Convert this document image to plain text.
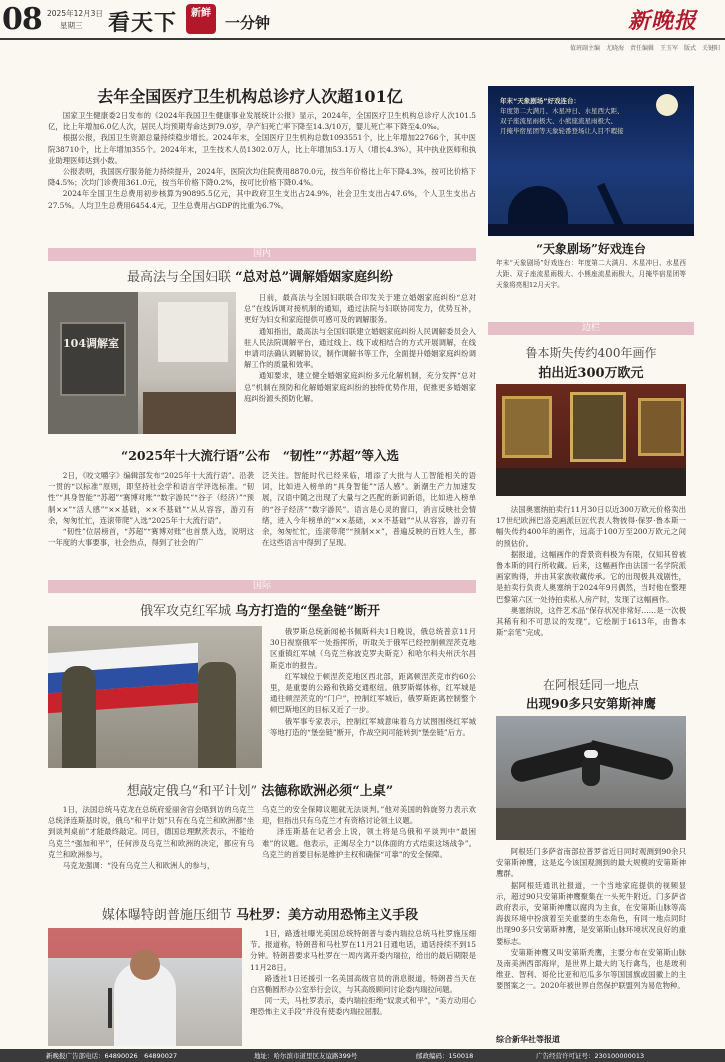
08 2025年12月3日
星期三 看天下	新鲜
一分钟	新晚报
值班副主编　尤晓海　责任编辑　王玉军　版式　关键阳
去年全国医疗卫生机构总诊疗人次超101亿

国家卫生健康委2日发布的《2024年我国卫生健康事业发展统计公报》显示，2024年，全国医疗卫生机构总诊疗人次101.5亿，比上年增加6.0亿人次，居民人均预期寿命达到79.0岁，孕产妇死亡率下降至14.3/10万，婴儿死亡率下降至4.0‰。

根据公报，我国卫生资源总量持续稳步增长。2024年末，全国医疗卫生机构总数1093551个，比上年增加22766个，其中医院38710个，比上年增加355个。2024年末，卫生技术人员1302.0万人，比上年增加53.1万人（增长4.3%），其中执业医师和执业助理医师达到小数。

公报表明，我国医疗服务能力持续提升，2024年，医院次均住院费用8870.0元，按当年价格比上年下降4.3%，按可比价格下降4.5%；次均门诊费用361.0元，按当年价格下降0.2%，按可比价格下降0.4%。

2024年全国卫生总费用初步核算为90895.5亿元，其中政府卫生支出占24.9%，社会卫生支出占47.6%，个人卫生支出占27.5%。人均卫生总费用6454.4元，卫生总费用占GDP的比重为6.7%。

国内
最高法与全国妇联 “总对总”调解婚姻家庭纠纷
104调解室

日前，最高法与全国妇联联合印发关于建立婚姻家庭纠纷“总对总”在线诉调对接机制的通知，通过法院与妇联协同发力，优势互补，更好为妇女和家庭提供可感可及的调解服务。

通知指出，最高法与全国妇联建立婚姻家庭纠纷人民调解委员会入驻人民法院调解平台，通过线上、线下或相结合的方式开展调解，在线申请司法确认调解协议，制作调解书等工作，全面提升婚姻家庭纠纷调解工作的质量和效率。

通知要求，建立健全婚姻家庭纠纷多元化解机制，充分发挥“总对总”机制在预防和化解婚姻家庭纠纷的独特优势作用，促推更多婚姻家庭纠纷源头预防化解。

“2025年十大流行语”公布　“韧性”“苏超”等入选

2日，《咬文嚼字》编辑部发布“2025年十大流行语”。沿袭一贯的“以标准”原则，即坚持社会学和语言学评选标准。“韧性”“具身智能”“苏超”“赛博对账”“数字游民”“谷子（经济）”“预制××”“活人感”“××基础，××不基础”“从从容容，游刃有余，匆匆忙忙，连滚带爬”入选“2025年十大流行语”。

“韧性”位居榜首，“苏超”“赛博对账”也首票入选，说明这一年度的大事要事，社会热点，得到了社会的广

泛关注。智能时代已经来临，增添了大批与人工智能相关的语词，比如进入榜单的“具身智能”“活人感”。新潮生产力加速发展，汉语中随之出现了大量与之匹配的新词新语，比如进入榜单的“谷子经济”“数字游民”。语言是心灵的窗口，消言反映社会情绪，进入今年榜单的“××基础，××不基础”“从从容容，游刃有余，匆匆忙忙，连滚带爬”“预制××”，普遍反映的百姓人生，都在这些语言中得到了呈现。

国际
俄军攻克红军城 乌方打造的“堡垒链”断开

俄罗斯总统新闻秘书佩斯科夫1日晚说，俄总统普京11月30日视察俄军一处指挥所，听取关于俄军已经控制顿涅茨克地区重镇红军城（乌克兰称波克罗夫斯克）和哈尔科夫州沃尔昌斯克市的报告。

红军城位于顿涅茨克地区西北部，距离顿涅茨克市约60公里，是重要的公路和铁路交通枢纽。俄罗斯媒体称，红军城是通往顿涅茨克的“门户”，控制红军城后，俄罗斯距离控制整个顿巴斯地区的目标又近了一步。

俄军事专家表示，控制红军城意味着乌方试图围绕红军城等地打造的“堡垒链”断开，作战空间可能转到“堡垒链”后方。

想敲定俄乌“和平计划” 法德称欧洲必须“上桌”

1日，法国总统马克龙在总统府爱丽舍宫会晤到访的乌克兰总统泽连斯基时说，俄乌“和平计划”只有在乌克兰和欧洲都“坐到谈判桌前”才能最终敲定。同日，德国总理默茨表示，不能给乌克兰“强加和平”，任何涉及乌克兰和欧洲的决定，都应有乌克兰和欧洲参与。

马克龙强调：“没有乌克兰人和欧洲人的参与，

乌克兰的安全保障议题就无法谈判。”他对美国的斡旋努力表示欢迎，但指出只有乌克兰才有资格讨论领土议题。

泽连斯基在记者会上说，领土将是乌俄和平谈判中“最困难”的议题。他表示，正竭尽全力“以体面的方式结束这场战争”。乌克兰的首要目标是维护主权和确保“可靠”的安全保障。

媒体曝特朗普施压细节 马杜罗：美方动用恐怖主义手段

1日，路透社曝光美国总统特朗普与委内瑞拉总统马杜罗施压细节。报道称，特朗普和马杜罗在11月21日通电话，通话持续不到15分钟。特朗普要求马杜罗在一周内离开委内瑞拉，给出的最后期限是11月28日。

路透社1日还援引一名美国高级官员的消息报道，特朗普当天在白宫椭圆形办公室举行会议，与其高级顾问讨论委内瑞拉问题。

同一天，马杜罗表示，委内瑞拉拒绝“奴隶式和平”，“美方动用心理恐怖主义手段”并没有使委内瑞拉屈服。

年末“天象剧场”好戏连台：
年度第二大满月、木星冲日、水星西大距、
双子座流星雨极大、小熊座流星雨极大、
月掩毕宿星团等天象轮番登场让人目不暇接
“天象剧场”好戏连台
年末“天象剧场”好戏连台：年度第二大满月、木星冲日、水星西大距、双子座流星雨极大、小熊座流星雨极大，月掩毕宿星团等天象将亮相12月天宇。
边栏
鲁本斯失传约400年画作
拍出近300万欧元

法国奥塞纳拍卖行11月30日以近300万欧元价格卖出17世纪欧洲巴洛克画派巨匠代表人物彼得·保罗·鲁本斯一幅失传约400年的画作，远高于100万至200万欧元之间的预估价。

据报道，这幅画作的背景资料极为有限，仅知其曾被鲁本斯的同行所收藏。后来，这幅画作由法国一名学院派画家购得，并由其家族收藏传承。它的出现极具戏剧性，是拍卖行负责人奥塞纳于2024年9月偶然，当时他在整理巴黎第六区一处待拍卖私人房产时，发现了这幅画作。

奥塞纳说，这件艺术品“保存状况非常好……是一次极其稀有和不可思议的发现”。它绘制于1613年，由鲁本斯“亲笔”完成。

在阿根廷同一地点
出现90多只安第斯神鹰

阿根廷门多萨省南部拉普罗省近日同时观测到90余只安第斯神鹰，这是迄今该国观测到的最大规模的安第斯神鹰群。

据阿根廷通讯社报道，一个当地家庭提供的视频显示，超过90只安第斯神鹰聚集在一头死牛附近。门多萨省政府表示，安第斯神鹰以腐肉为主食，在安第斯山脉等高海拔环境中扮演着至关重要的生态角色，有同一地点同时出现90多只安第斯神鹰，是安第斯山脉环境状况良好的重要标志。

安第斯神鹰又叫安第斯秃鹰，主要分布在安第斯山脉及南美洲西部海岸，是世界上最大的飞行禽鸟，也是玻利维亚、智利、哥伦比亚和厄瓜多尔等国国旗或国徽上的主要图案之一。2020年被世界自然保护联盟列为易危物种。

综合新华社等报道
新晚报广告部电话：64890026　64890027	地址：哈尔滨市道里区友谊路399号	邮政编码：150018	广告经营许可证号：230100000013
